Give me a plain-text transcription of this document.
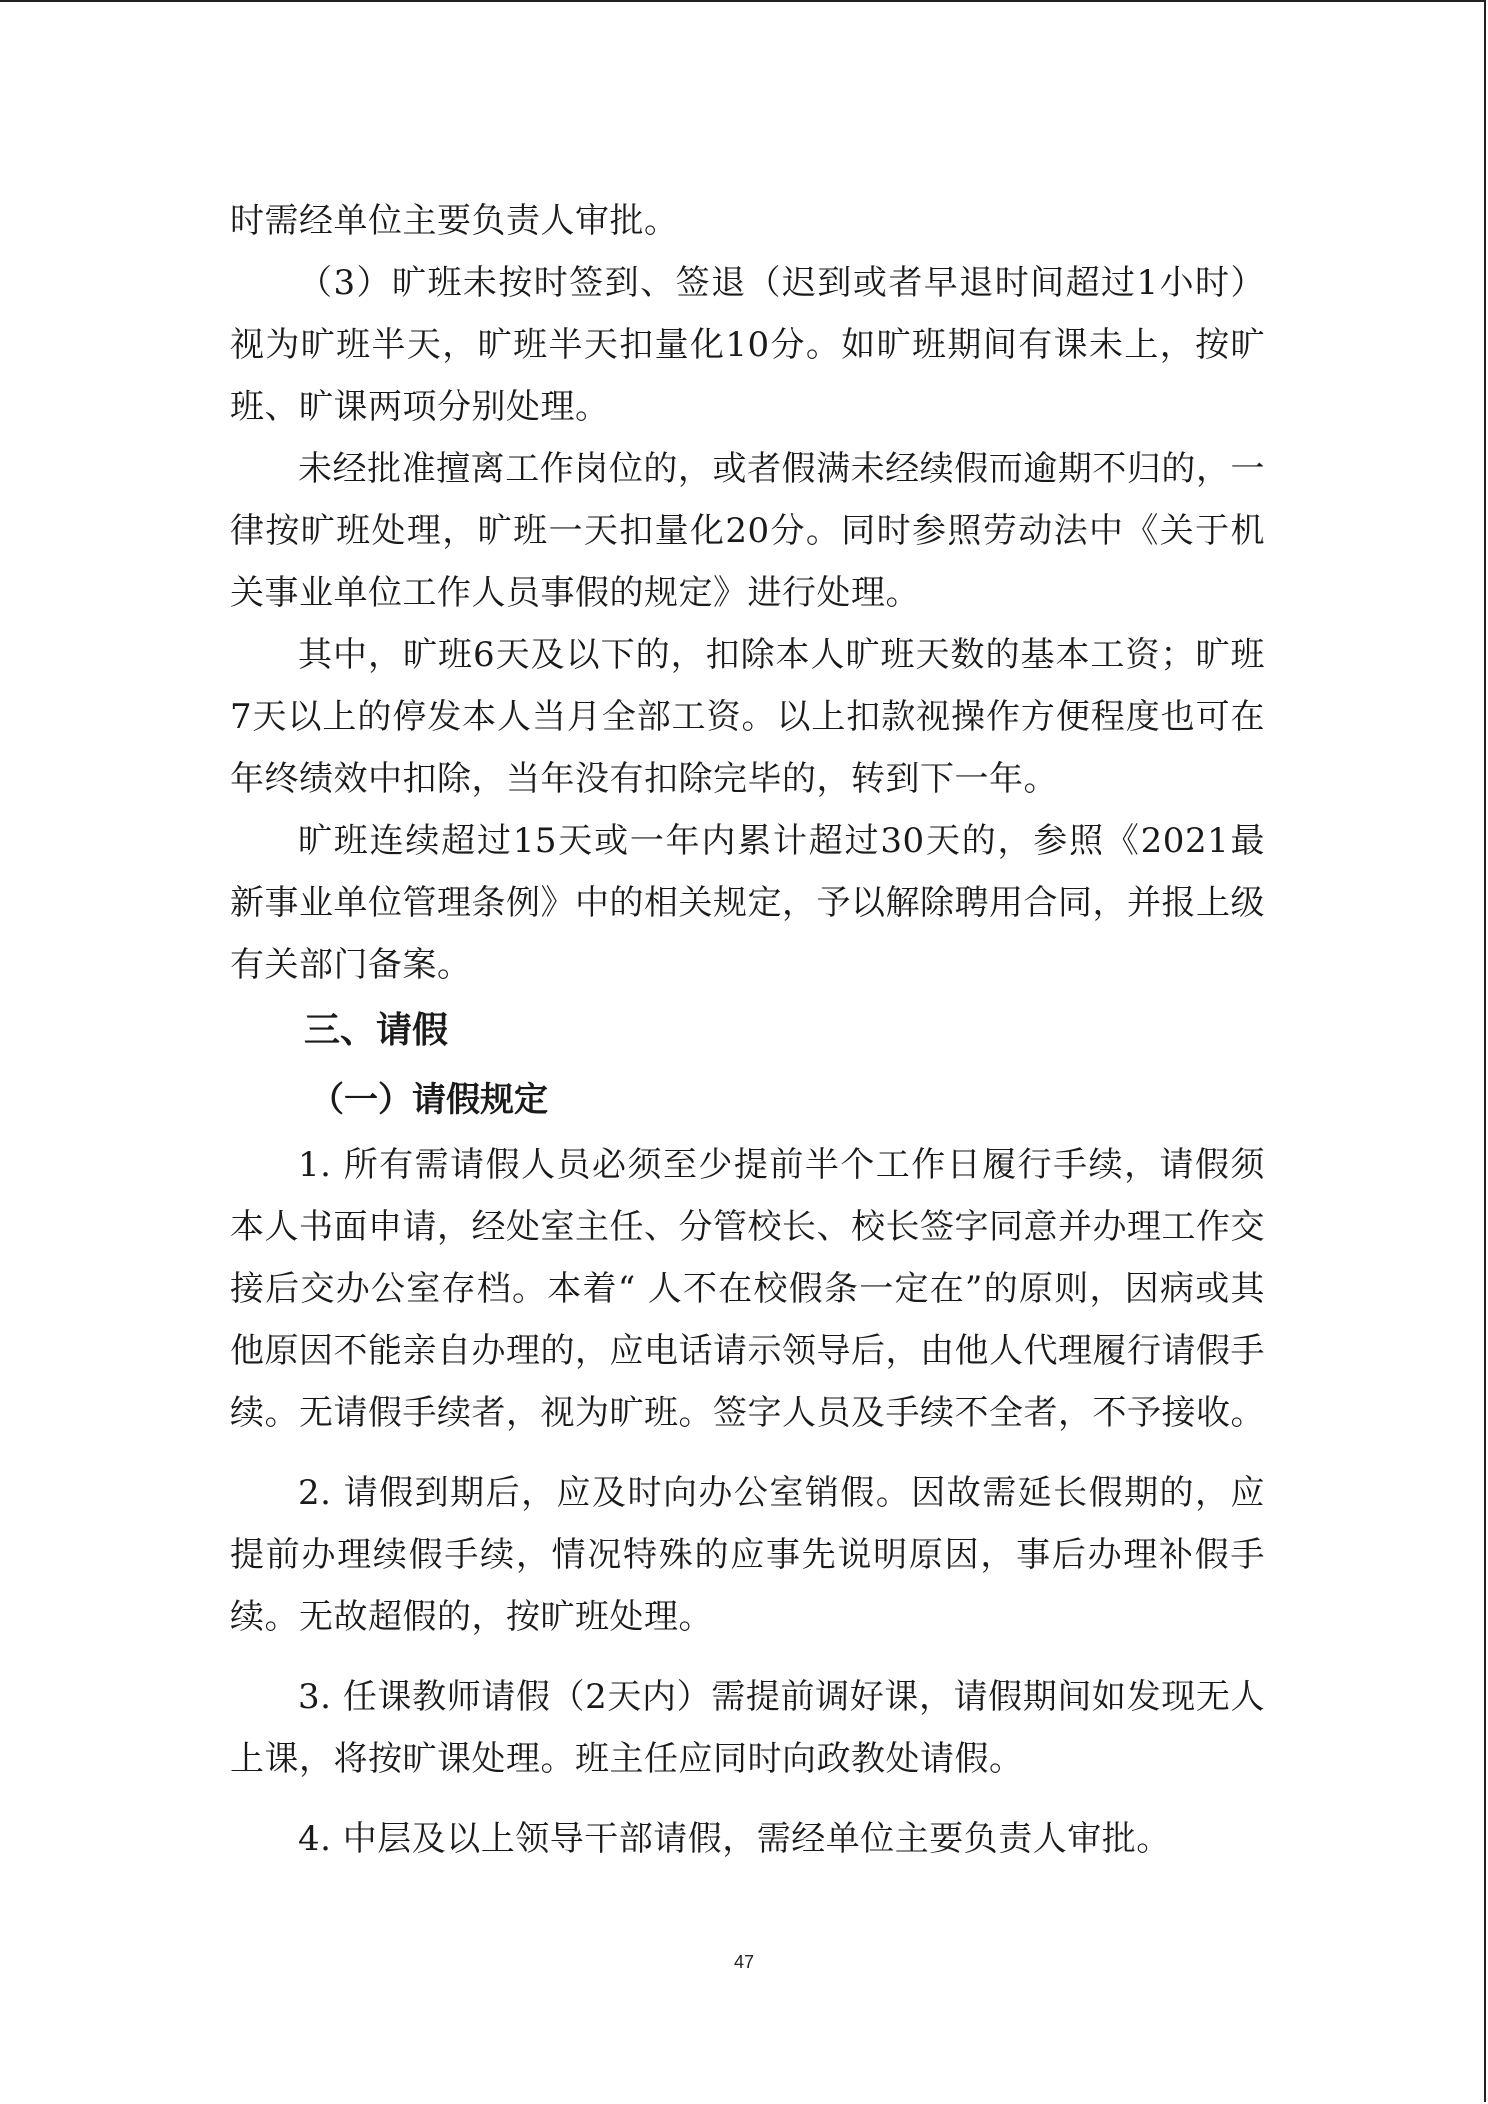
时需经单位主要负责人审批。

（3）旷班未按时签到、签退（迟到或者早退时间超过1小时）视为旷班半天，旷班半天扣量化10分。如旷班期间有课未上，按旷班、旷课两项分别处理。

未经批准擅离工作岗位的，或者假满未经续假而逾期不归的，一律按旷班处理，旷班一天扣量化20分。同时参照劳动法中《关于机关事业单位工作人员事假的规定》进行处理。

其中，旷班6天及以下的，扣除本人旷班天数的基本工资；旷班7天以上的停发本人当月全部工资。以上扣款视操作方便程度也可在年终绩效中扣除，当年没有扣除完毕的，转到下一年。

旷班连续超过15天或一年内累计超过30天的，参照《2021最新事业单位管理条例》中的相关规定，予以解除聘用合同，并报上级有关部门备案。

三、请假
（一）请假规定

1. 所有需请假人员必须至少提前半个工作日履行手续，请假须本人书面申请，经处室主任、分管校长、校长签字同意并办理工作交接后交办公室存档。本着“ 人不在校假条一定在”的原则，因病或其他原因不能亲自办理的，应电话请示领导后，由他人代理履行请假手续。无请假手续者，视为旷班。签字人员及手续不全者，不予接收。

2. 请假到期后，应及时向办公室销假。因故需延长假期的，应提前办理续假手续，情况特殊的应事先说明原因，事后办理补假手续。无故超假的，按旷班处理。

3. 任课教师请假（2天内）需提前调好课，请假期间如发现无人上课，将按旷课处理。班主任应同时向政教处请假。

4. 中层及以上领导干部请假，需经单位主要负责人审批。

47
